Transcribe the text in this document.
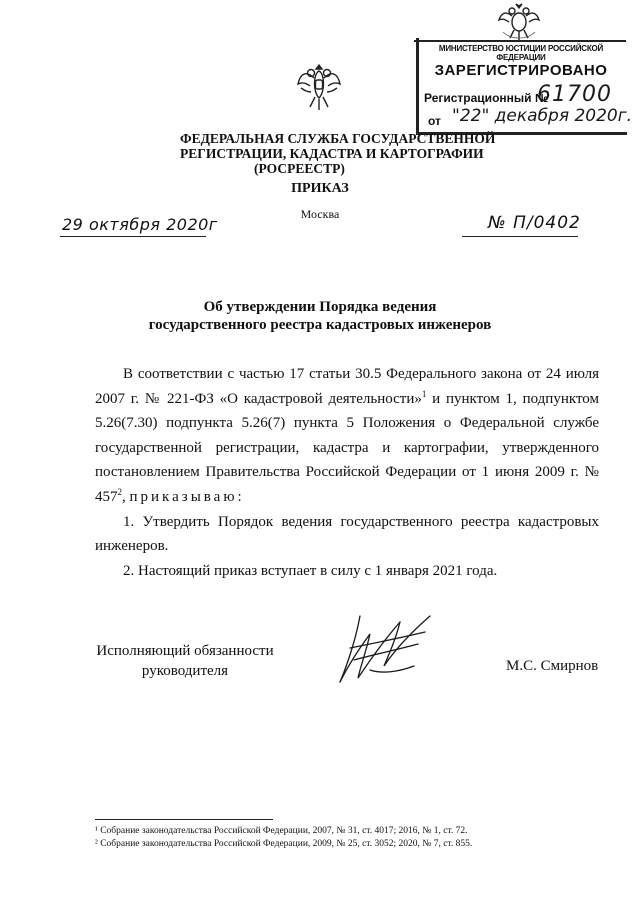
МИНИСТЕРСТВО ЮСТИЦИИ РОССИЙСКОЙ ФЕДЕРАЦИИ
ЗАРЕГИСТРИРОВАНО
Регистрационный №
61700
от "22" декабря 2020г.
ФЕДЕРАЛЬНАЯ СЛУЖБА ГОСУДАРСТВЕННОЙ
РЕГИСТРАЦИИ, КАДАСТРА И КАРТОГРАФИИ
(РОСРЕЕСТР)
ПРИКАЗ
Москва
29 октября 2020г	№ П/0402
Об утверждении Порядка ведения
государственного реестра кадастровых инженеров

В соответствии с частью 17 статьи 30.5 Федерального закона от 24 июля 2007 г. № 221-ФЗ «О кадастровой деятельности»$^1$ и пунктом 1, подпунктом 5.26(7.30) подпункта 5.26(7) пункта 5 Положения о Федеральной службе государственной регистрации, кадастра и картографии, утвержденного постановлением Правительства Российской Федерации от 1 июня 2009 г. № $457^2$, приказываю:

1. Утвердить Порядок ведения государственного реестра кадастровых инженеров.

2. Настоящий приказ вступает в силу с 1 января 2021 года.

Исполняющий обязанности
руководителя	М.С. Смирнов
¹ Собрание законодательства Российской Федерации, 2007, № 31, ст. 4017; 2016, № 1, ст. 72.
² Собрание законодательства Российской Федерации, 2009, № 25, ст. 3052; 2020, № 7, ст. 855.
